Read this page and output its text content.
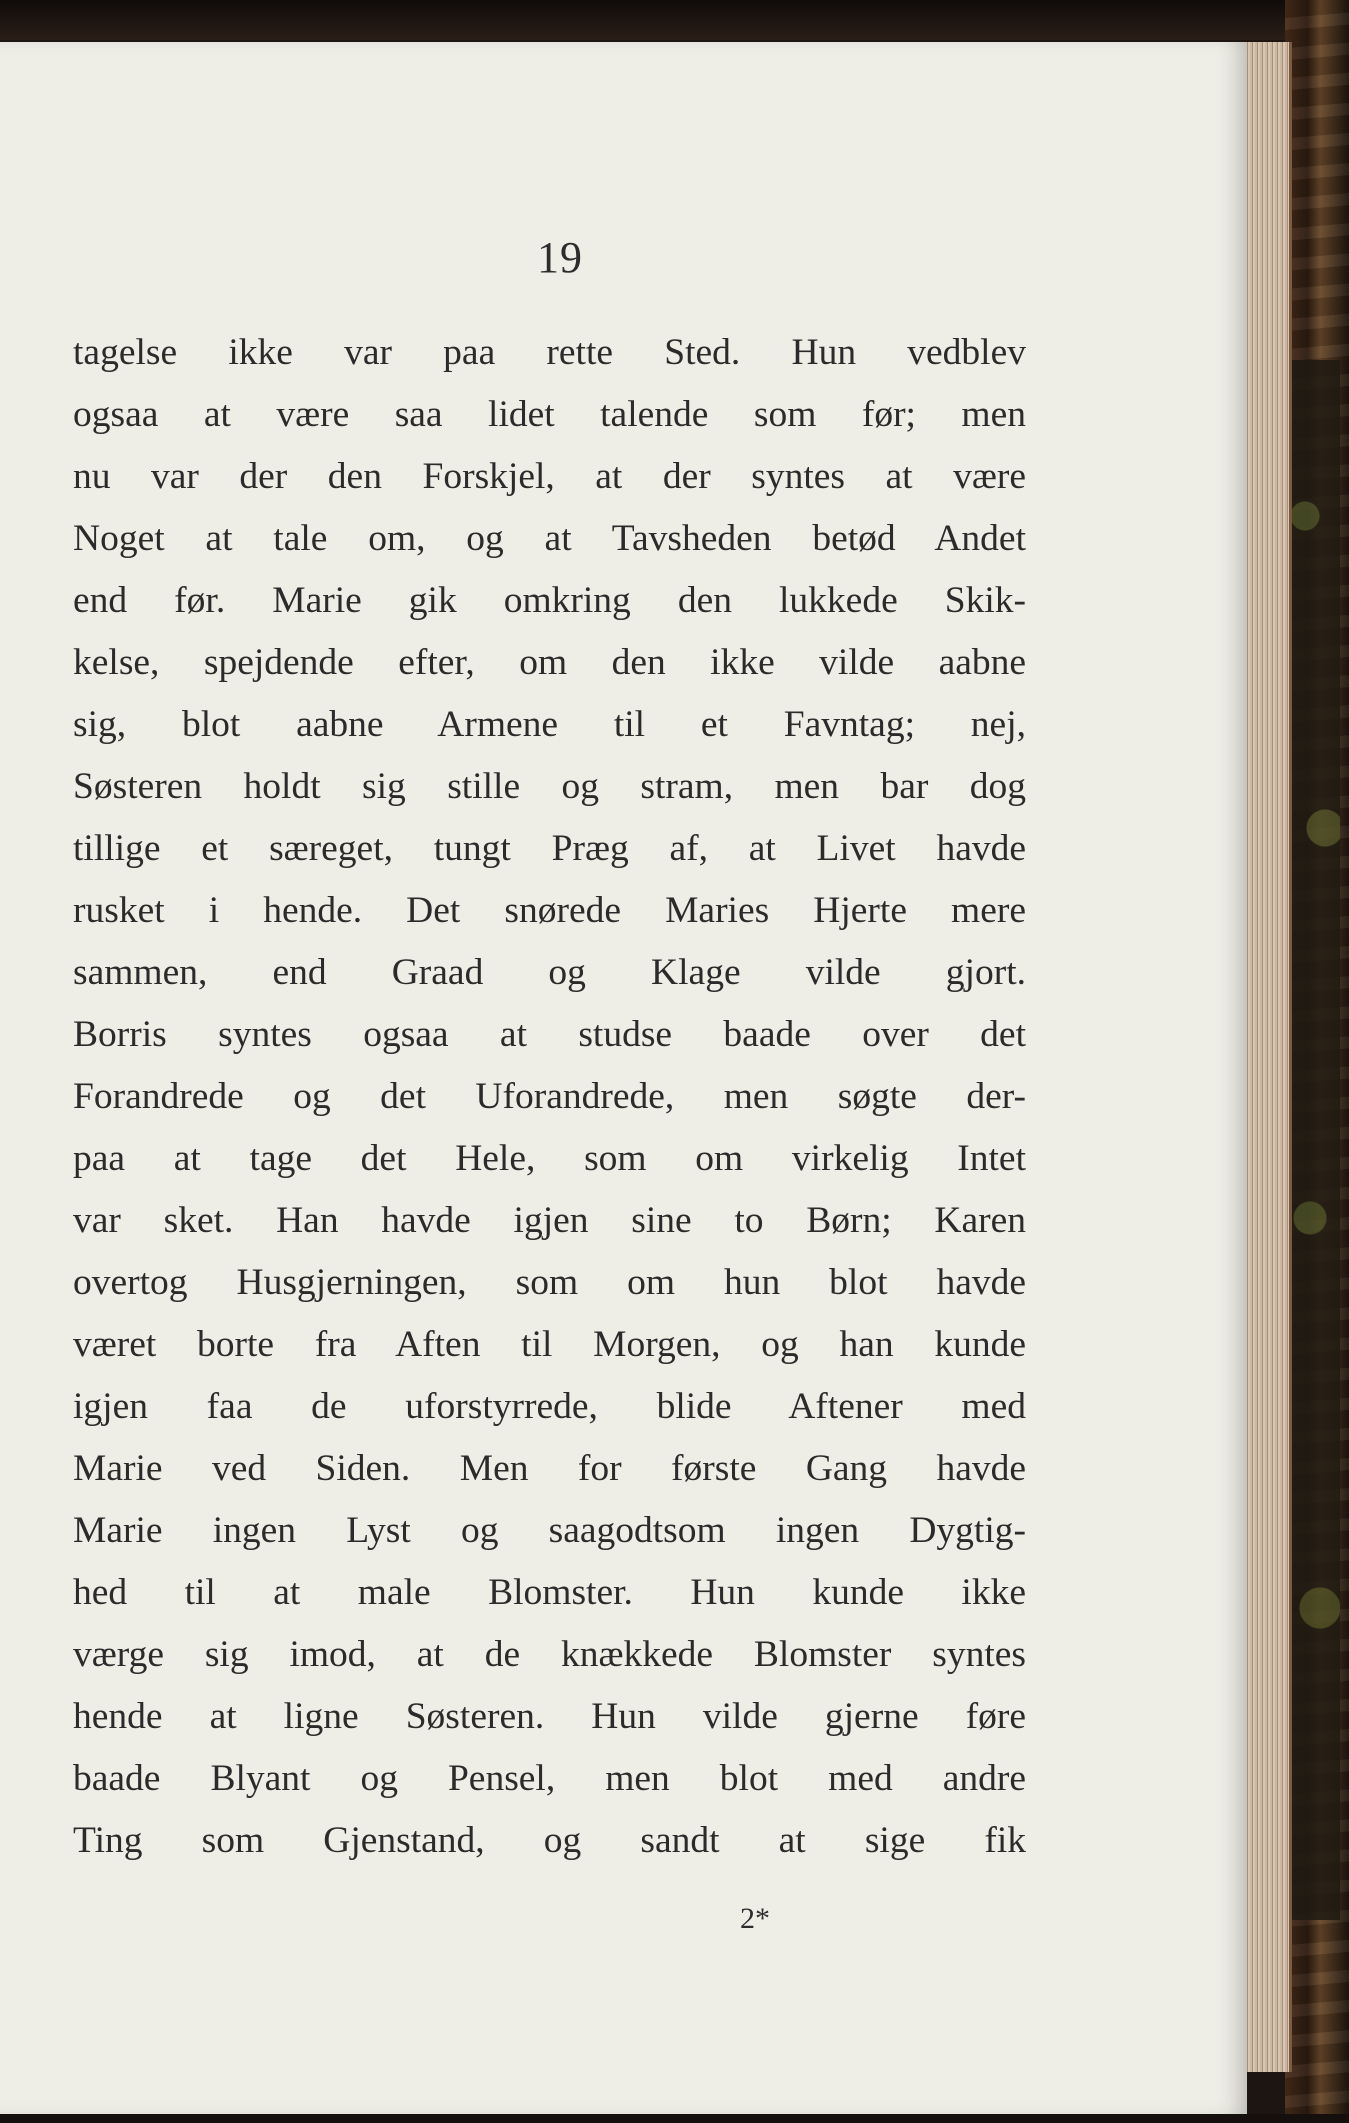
19
tagelse ikke var paa rette Sted. Hun vedblev
ogsaa at være saa lidet talende som før; men
nu var der den Forskjel, at der syntes at være
Noget at tale om, og at Tavsheden betød Andet
end før. Marie gik omkring den lukkede Skik-
kelse, spejdende efter, om den ikke vilde aabne
sig, blot aabne Armene til et Favntag; nej,
Søsteren holdt sig stille og stram, men bar dog
tillige et særeget, tungt Præg af, at Livet havde
rusket i hende. Det snørede Maries Hjerte mere
sammen, end Graad og Klage vilde gjort.
Borris syntes ogsaa at studse baade over det
Forandrede og det Uforandrede, men søgte der-
paa at tage det Hele, som om virkelig Intet
var sket. Han havde igjen sine to Børn; Karen
overtog Husgjerningen, som om hun blot havde
været borte fra Aften til Morgen, og han kunde
igjen faa de uforstyrrede, blide Aftener med
Marie ved Siden. Men for første Gang havde
Marie ingen Lyst og saagodtsom ingen Dygtig-
hed til at male Blomster. Hun kunde ikke
værge sig imod, at de knækkede Blomster syntes
hende at ligne Søsteren. Hun vilde gjerne føre
baade Blyant og Pensel, men blot med andre
Ting som Gjenstand, og sandt at sige fik
2*
